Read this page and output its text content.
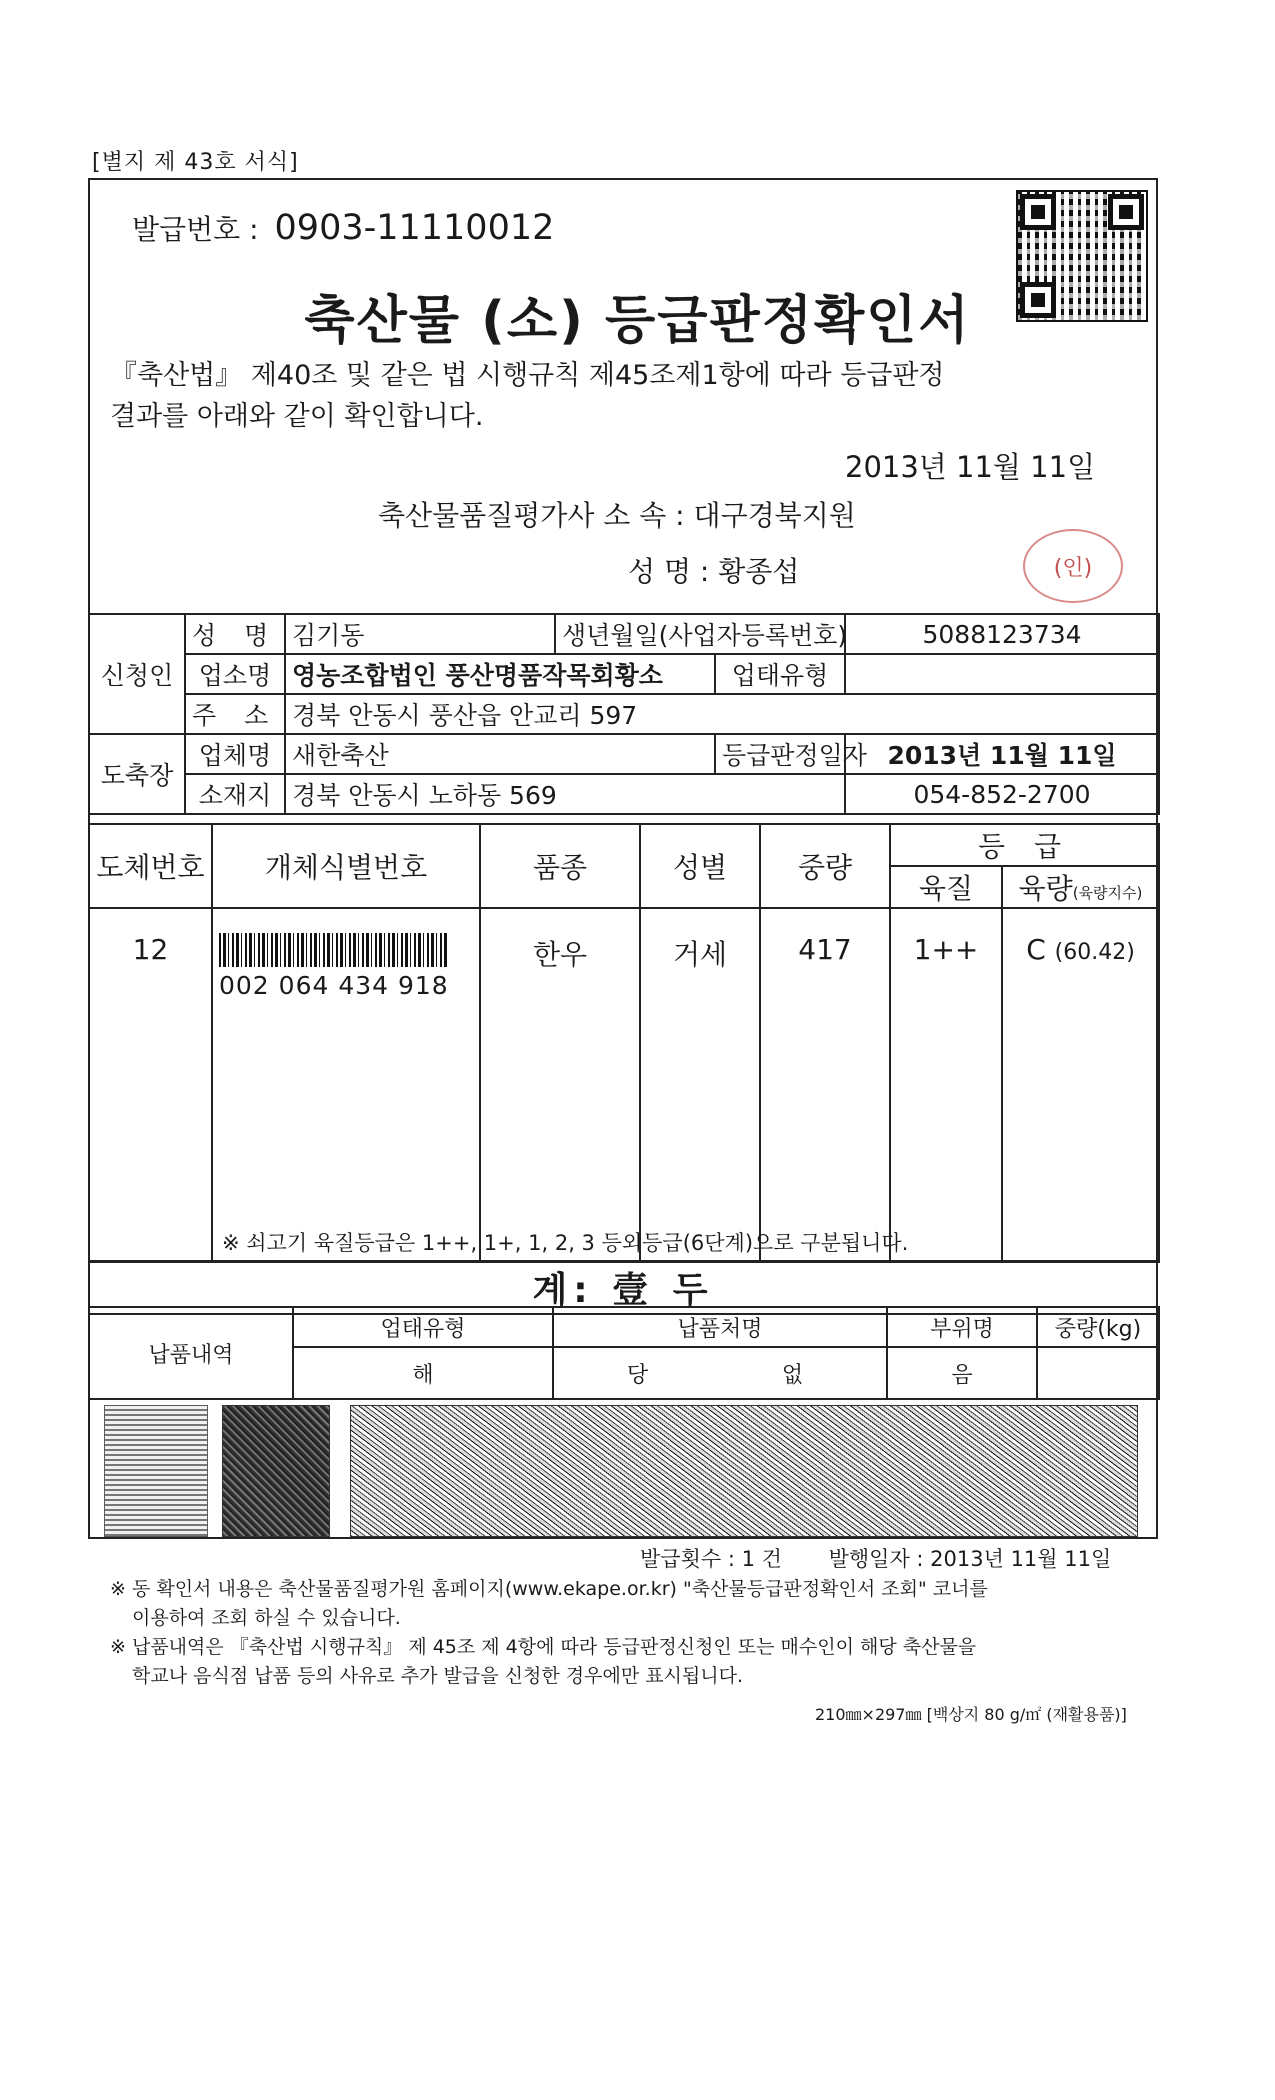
[별지 제 43호 서식]
발급번호 : 0903-11110012
축산물 (소) 등급판정확인서
『축산법』 제40조 및 같은 법 시행규칙 제45조제1항에 따라 등급판정
결과를 아래와 같이 확인합니다.
2013년 11월 11일
축산물품질평가사 소 속 : 대구경북지원
성 명 : 황종섭	(인)
신청인	성 명	김기동	생년월일(사업자등록번호)		5088123734
	업소명	영농조합법인 풍산명품작목회황소		업태유형	
	주 소	경북 안동시 풍산읍 안교리 597			
도축장	업체명	새한축산		등급판정일자	2013년 11월 11일
	소재지	경북 안동시 노하동 569			054-852-2700
도체번호	개체식별번호	품종	성별	중량	등 급	
					육질	육량(육량지수)
12	002 064 434 918	한우	거세	417	1++	C (60.42)
※ 쇠고기 육질등급은 1++, 1+, 1, 2, 3 등외등급(6단계)으로 구분됩니다.
계: 壹 두
납품내역	업태유형	납품처명	부위명	중량(kg)
	해	당 없	음	
발급횟수 : 1 건 발행일자 : 2013년 11월 11일
※ 동 확인서 내용은 축산물품질평가원 홈페이지(www.ekape.or.kr) "축산물등급판정확인서 조회" 코너를
이용하여 조회 하실 수 있습니다.
※ 납품내역은 『축산법 시행규칙』 제 45조 제 4항에 따라 등급판정신청인 또는 매수인이 해당 축산물을
학교나 음식점 납품 등의 사유로 추가 발급을 신청한 경우에만 표시됩니다.
210㎜×297㎜ [백상지 80 g/㎡ (재활용품)]
